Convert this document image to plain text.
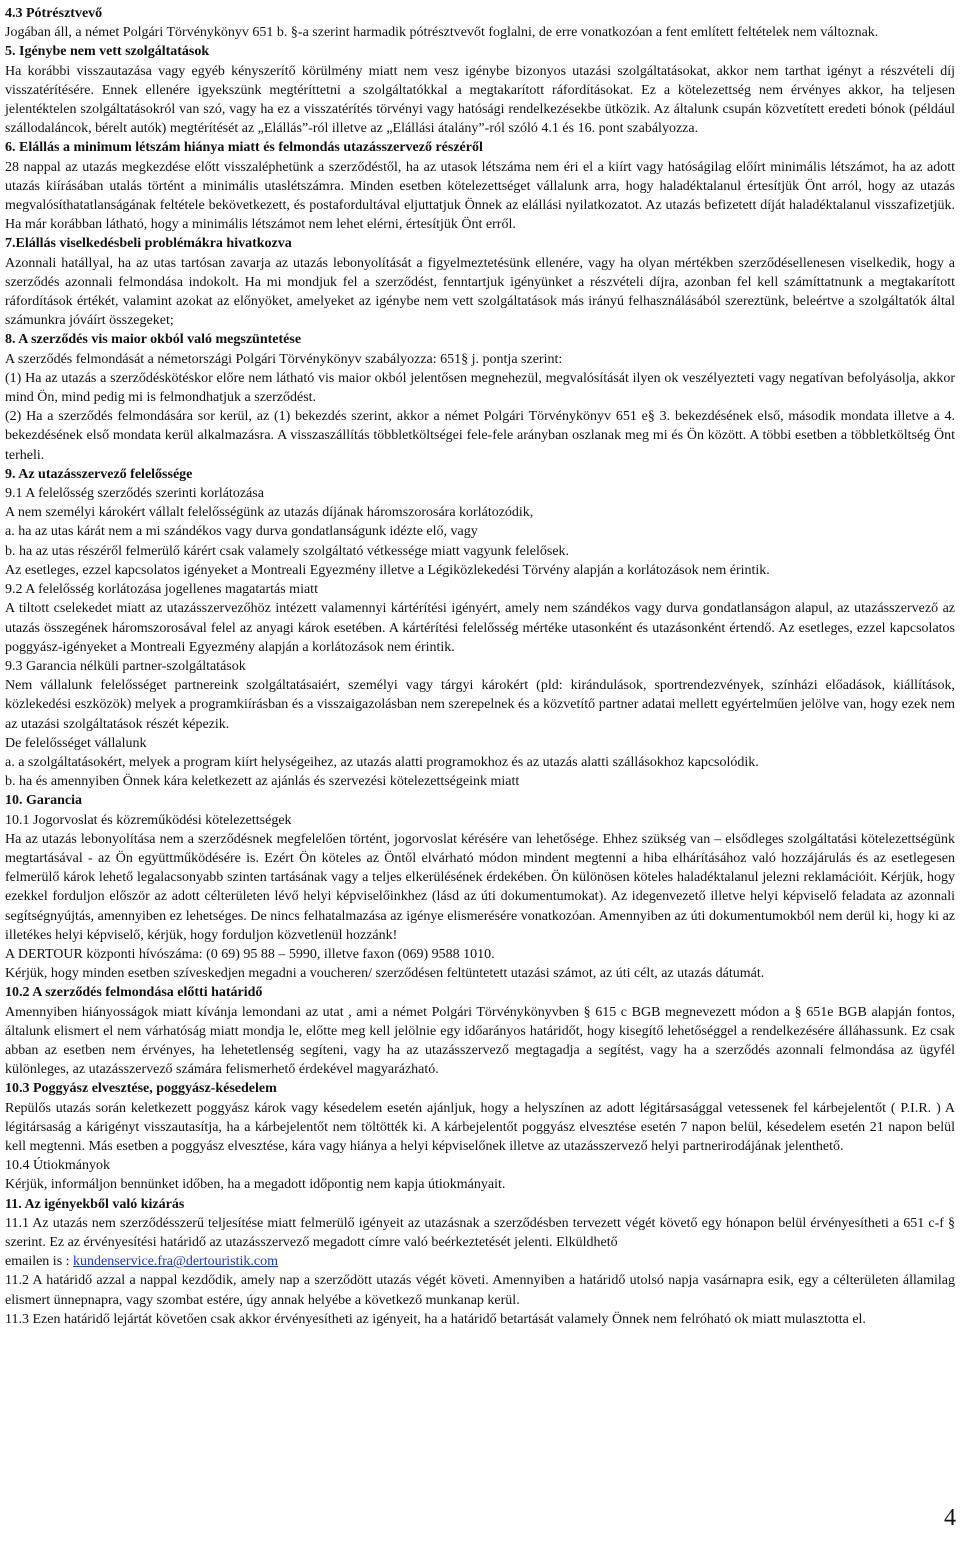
4.3 Pótrésztvevő

Jogában áll, a német Polgári Törvénykönyv 651 b. §-a szerint harmadik pótrésztvevőt foglalni, de erre vonatkozóan a fent említett feltételek nem változnak.

5. Igénybe nem vett szolgáltatások

Ha korábbi visszautazása vagy egyéb kényszerítő körülmény miatt nem vesz igénybe bizonyos utazási szolgáltatásokat, akkor nem tarthat igényt a részvételi díj visszatérítésére. Ennek ellenére igyekszünk megtéríttetni a szolgáltatókkal a megtakarított ráfordításokat. Ez a kötelezettség nem érvényes akkor, ha teljesen jelentéktelen szolgáltatásokról van szó, vagy ha ez a visszatérítés törvényi vagy hatósági rendelkezésekbe ütközik. Az általunk csupán közvetített eredeti bónok (például szállodaláncok, bérelt autók) megtérítését az „Elállás”-ról illetve az „Elállási átalány”-ról szóló 4.1 és 16. pont szabályozza.

6. Elállás a minimum létszám hiánya miatt és felmondás utazásszervező részéről

28 nappal az utazás megkezdése előtt visszaléphetünk a szerződéstől, ha az utasok létszáma nem éri el a kiírt vagy hatóságilag előírt minimális létszámot, ha az adott utazás kiírásában utalás történt a minimális utaslétszámra. Minden esetben kötelezettséget vállalunk arra, hogy haladéktalanul értesítjük Önt arról, hogy az utazás megvalósíthatatlanságának feltétele bekövetkezett, és postafordultával eljuttatjuk Önnek az elállási nyilatkozatot. Az utazás befizetett díját haladéktalanul visszafizetjük. Ha már korábban látható, hogy a minimális létszámot nem lehet elérni, értesítjük Önt erről.

7.Elállás viselkedésbeli problémákra hivatkozva

Azonnali hatállyal, ha az utas tartósan zavarja az utazás lebonyolítását a figyelmeztetésünk ellenére, vagy ha olyan mértékben szerződésellenesen viselkedik, hogy a szerződés azonnali felmondása indokolt. Ha mi mondjuk fel a szerződést, fenntartjuk igényünket a részvételi díjra, azonban fel kell számíttatnunk a megtakarított ráfordítások értékét, valamint azokat az előnyöket, amelyeket az igénybe nem vett szolgáltatások más irányú felhasználásából szereztünk, beleértve a szolgáltatók által számunkra jóváírt összegeket;

8. A szerződés vis maior okból való megszüntetése

A szerződés felmondását a németországi Polgári Törvénykönyv szabályozza: 651§ j. pontja szerint:

(1) Ha az utazás a szerződéskötéskor előre nem látható vis maior okból jelentősen megnehezül, megvalósítását ilyen ok veszélyezteti vagy negatívan befolyásolja, akkor mind Ön, mind pedig mi is felmondhatjuk a szerződést.

(2) Ha a szerződés felmondására sor kerül, az (1) bekezdés szerint, akkor a német Polgári Törvénykönyv 651 e§ 3. bekezdésének első, második mondata illetve a 4. bekezdésének első mondata kerül alkalmazásra. A visszaszállítás többletköltségei fele-fele arányban oszlanak meg mi és Ön között. A többi esetben a többletköltség Önt terheli.

9. Az utazásszervező felelőssége

9.1 A felelősség szerződés szerinti korlátozása

A nem személyi károkért vállalt felelősségünk az utazás díjának háromszorosára korlátozódik,

a. ha az utas kárát nem a mi szándékos vagy durva gondatlanságunk idézte elő, vagy

b. ha az utas részéről felmerülő kárért csak valamely szolgáltató vétkessége miatt vagyunk felelősek.

Az esetleges, ezzel kapcsolatos igényeket a Montreali Egyezmény illetve a Légiközlekedési Törvény alapján a korlátozások nem érintik.

9.2 A felelősség korlátozása jogellenes magatartás miatt

A tiltott cselekedet miatt az utazásszervezőhöz intézett valamennyi kártérítési igényért, amely nem szándékos vagy durva gondatlanságon alapul, az utazásszervező az utazás összegének háromszorosával felel az anyagi károk esetében. A kártérítési felelősség mértéke utasonként és utazásonként értendő. Az esetleges, ezzel kapcsolatos poggyász-igényeket a Montreali Egyezmény alapján a korlátozások nem érintik.

9.3 Garancia nélküli partner-szolgáltatások

Nem vállalunk felelősséget partnereink szolgáltatásaiért, személyi vagy tárgyi károkért (pld: kirándulások, sportrendezvények, színházi előadások, kiállítások, közlekedési eszközök) melyek a programkiírásban és a visszaigazolásban nem szerepelnek és a közvetítő partner adatai mellett egyértelműen jelölve van, hogy ezek nem az utazási szolgáltatások részét képezik.

De felelősséget vállalunk

a. a szolgáltatásokért, melyek a program kiírt helységeihez, az utazás alatti programokhoz és az utazás alatti szállásokhoz kapcsolódik.

b. ha és amennyiben Önnek kára keletkezett az ajánlás és szervezési kötelezettségeink miatt

10. Garancia

10.1 Jogorvoslat és közreműködési kötelezettségek

Ha az utazás lebonyolítása nem a szerződésnek megfelelően történt, jogorvoslat kérésére van lehetősége. Ehhez szükség van – elsődleges szolgáltatási kötelezettségünk megtartásával - az Ön együttműködésére is. Ezért Ön köteles az Öntől elvárható módon mindent megtenni a hiba elhárításához való hozzájárulás és az esetlegesen felmerülő károk lehető legalacsonyabb szinten tartásának vagy a teljes elkerülésének érdekében. Ön különösen köteles haladéktalanul jelezni reklamációit. Kérjük, hogy ezekkel forduljon először az adott célterületen lévő helyi képviselőinkhez (lásd az úti dokumentumokat). Az idegenvezető illetve helyi képviselő feladata az azonnali segítségnyújtás, amennyiben ez lehetséges. De nincs felhatalmazása az igénye elismerésére vonatkozóan. Amennyiben az úti dokumentumokból nem derül ki, hogy ki az illetékes helyi képviselő, kérjük, hogy forduljon közvetlenül hozzánk!

A DERTOUR központi hívószáma: (0 69) 95 88 – 5990, illetve faxon (069) 9588 1010.

Kérjük, hogy minden esetben szíveskedjen megadni a voucheren/ szerződésen feltüntetett utazási számot, az úti célt, az utazás dátumát.

10.2 A szerződés felmondása előtti határidő

Amennyiben hiányosságok miatt kívánja lemondani az utat , ami a német Polgári Törvénykönyvben § 615 c BGB megnevezett módon a § 651e BGB alapján fontos, általunk elismert el nem várhatóság miatt mondja le, előtte meg kell jelölnie egy időarányos határidőt, hogy kisegítő lehetőséggel a rendelkezésére álláhassunk. Ez csak abban az esetben nem érvényes, ha lehetetlenség segíteni, vagy ha az utazásszervező megtagadja a segítést, vagy ha a szerződés azonnali felmondása az ügyfél különleges, az utazásszervező számára felismerhető érdekével magyarázható.

10.3 Poggyász elvesztése, poggyász-késedelem

Repülős utazás során keletkezett poggyász károk vagy késedelem esetén ajánljuk, hogy a helyszínen az adott légitársasággal vetessenek fel kárbejelentőt ( P.I.R. ) A légitársaság a kárigényt visszautasítja, ha a kárbejelentőt nem töltötték ki. A kárbejelentőt poggyász elvesztése esetén 7 napon belül, késedelem esetén 21 napon belül kell megtenni. Más esetben a poggyász elvesztése, kára vagy hiánya a helyi képviselőnek illetve az utazásszervező helyi partnerirodájának jelenthető.

10.4 Útiokmányok

Kérjük, informáljon bennünket időben, ha a megadott időpontig nem kapja útiokmányait.

11. Az igényekből való kizárás

11.1 Az utazás nem szerződésszerű teljesítése miatt felmerülő igényeit az utazásnak a szerződésben tervezett végét követő egy hónapon belül érvényesítheti a 651 c-f § szerint. Ez az érvényesítési határidő az utazásszervező megadott címre való beérkeztetését jelenti. Elküldhető

emailen is : kundenservice.fra@dertouristik.com

11.2 A határidő azzal a nappal kezdődik, amely nap a szerződött utazás végét követi. Amennyiben a határidő utolsó napja vasárnapra esik, egy a célterületen államilag elismert ünnepnapra, vagy szombat estére, úgy annak helyébe a következő munkanap kerül.

11.3 Ezen határidő lejártát követően csak akkor érvényesítheti az igényeit, ha a határidő betartását valamely Önnek nem felróható ok miatt mulasztotta el.

4
